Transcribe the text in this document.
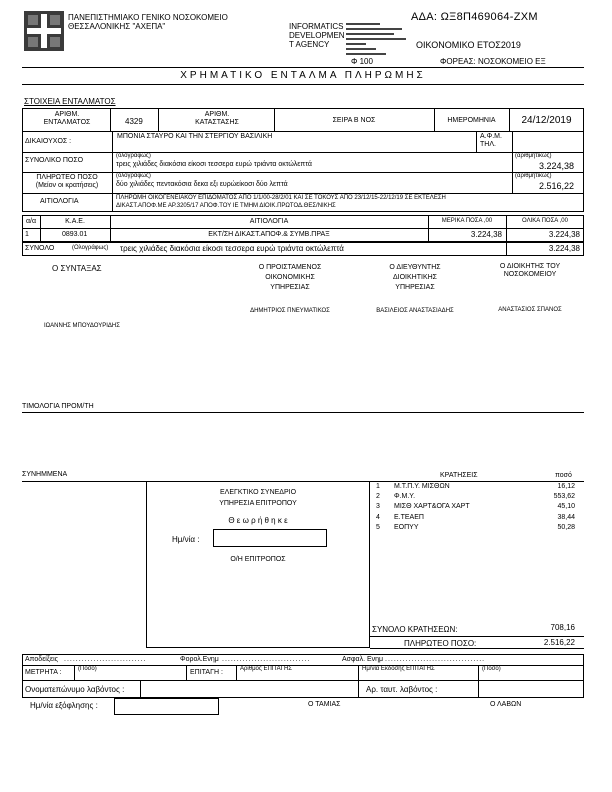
ΠΑΝΕΠΙΣΤΗΜΙΑΚΟ ΓΕΝΙΚΟ ΝΟΣΟΚΟΜΕΙΟ
ΘΕΣΣΑΛΟΝΙΚΗΣ "ΑΧΕΠΑ"	INFORMATICS
DEVELOPMEN
T AGENCY
ΑΔΑ: ΩΞ8Π469064-ΖΧΜ
ΟΙΚΟΝΟΜΙΚΟ ΕΤΟΣ2019
Φ 100	ΦΟΡΕΑΣ: ΝΟΣΟΚΟΜΕΙΟ ΕΞ
ΧΡΗΜΑΤΙΚΟ ΕΝΤΑΛΜΑ ΠΛΗΡΩΜΗΣ
ΣΤΟΙΧΕΙΑ ΕΝΤΑΛΜΑΤΟΣ
ΑΡΙΘΜ.
ΕΝΤΑΛΜΑΤΟΣ	4329
ΑΡΙΘΜ.
ΚΑΤΑΣΤΑΣΗΣ	ΣΕΙΡΑ Β ΝΟΣ	ΗΜΕΡΟΜΗΝΙΑ	24/12/2019
ΔΙΚΑΙΟΥΧΟΣ :
ΜΠΟΝΙΑ ΣΤΑΥΡΟ ΚΑΙ ΤΗΝ ΣΤΕΡΓΙΟΥ ΒΑΣΙΛΙΚΗ	Α.Φ.Μ.
ΤΗΛ.
ΣΥΝΟΛΙΚΟ ΠΟΣΟ
(ολογράφως)
τρεις χιλιάδες διακόσια είκοσι τεσσερα ευρώ τριάντα οκτώλεπτά
(αριθμητικώς)
3.224,38
ΠΛΗΡΩΤΕΟ ΠΟΣΟ
(Μείον οι κρατήσεις)
(ολογράφως)
δύο χιλιάδες πεντακόσια δεκα εξι ευρώείκοσι δύο λεπτά
(αριθμητικώς)
2.516,22
ΑΙΤΙΟΛΟΓΙΑ	ΠΛΗΡΩΜΗ ΟΙΚΟΓΕΝΕΙΑΚΟΥ ΕΠΙΔΟΜΑΤΟΣ ΑΠΟ 1/1/00-28/2/01 ΚΑΙ ΣΕ ΤΟΚΟΥΣ ΑΠΟ 23/12/15-22/12/19 ΣΕ ΕΚΤΕΛΕΣΗ
ΔΙΚΑΣΤ.ΑΠΟΦ.ΜΕ ΑΡ.3205/17 ΑΠΟΦ.ΤΟΥ ΙΕ ΤΜΗΜ ΔΙΟΙΚ.ΠΡΩΤΟΔ.ΘΕΣ/ΝΙΚΗΣ
α/α	Κ.Α.Ε.	ΑΙΤΙΟΛΟΓΙΑ	ΜΕΡΙΚΑ ΠΟΣΑ ,00	ΟΛΙΚΑ ΠΟΣΑ ,00
1	0893.01	ΕΚΤ/ΣΗ ΔΙΚΑΣΤ.ΑΠΟΦ.& ΣΥΜΒ.ΠΡΑΞ	3.224,38	3.224,38
ΣΥΝΟΛΟ	(Ολογράφως) τρεις χιλιάδες διακόσια είκοσι τεσσερα ευρώ τριάντα οκτώλεπτά	3.224,38
Ο ΣΥΝΤΑΞΑΣ
ΙΩΑΝΝΗΣ ΜΠΟΥΔΟΥΡΙΔΗΣ
Ο ΠΡΟΙΣΤΑΜΕΝΟΣ
ΟΙΚΟΝΟΜΙΚΗΣ
ΥΠΗΡΕΣΙΑΣ
ΔΗΜΗΤΡΙΟΣ ΠΝΕΥΜΑΤΙΚΟΣ
Ο ΔΙΕΥΘΥΝΤΗΣ
ΔΙΟΙΚΗΤΙΚΗΣ
ΥΠΗΡΕΣΙΑΣ
ΒΑΣΙΛΕΙΟΣ ΑΝΑΣΤΑΣΙΑΔΗΣ
Ο ΔΙΟΙΚΗΤΗΣ ΤΟΥ
ΝΟΣΟΚΟΜΕΙΟΥ
ΑΝΑΣΤΑΣΙΟΣ ΣΠΑΝΟΣ
ΤΙΜΟΛΟΓΙΑ ΠΡΟΜ/ΤΗ
ΣΥΝΗΜΜΕΝΑ
ΕΛΕΓΚΤΙΚΟ ΣΥΝΕΔΡΙΟ
ΥΠΗΡΕΣΙΑ ΕΠΙΤΡΟΠΟΥ
Θ ε ω ρ ή θ η κ ε
Ημ/νία :
Ο/Η ΕΠΙΤΡΟΠΟΣ
ΚΡΑΤΗΣΕΙΣ	ποσό
1 Μ.Τ.Π.Υ. ΜΙΣΘΩΝ	16,12
2 Φ.Μ.Υ.	553,62
3 ΜΙΣΘ ΧΑΡΤ&ΟΓΑ ΧΑΡΤ	45,10
4 Ε.ΤΕΑΕΠ	38,44
5 ΕΟΠΥΥ	50,28
ΣΥΝΟΛΟ ΚΡΑΤΗΣΕΩΝ:	708,16
ΠΛΗΡΩΤΕΟ ΠΟΣΟ:	2.516,22
Αποδείξεις ............................	Φορολ.Ενημ ..............................	Ασφαλ. Ενημ ..................................
ΜΕΤΡΗΤΑ :	(Ποσό)	ΕΠΙΤΑΓΗ :	Αριθμός ΕΠΙΤΑΓΗΣ	Ημ/νία Εκδόσης ΕΠΙΤΑΓΗΣ	(Ποσό)
Ονοματεπώνυμο λαβόντος :	Αρ. ταυτ. λαβόντος :
Ημ/νία εξόφλησης :	Ο ΤΑΜΙΑΣ	Ο ΛΑΒΩΝ
